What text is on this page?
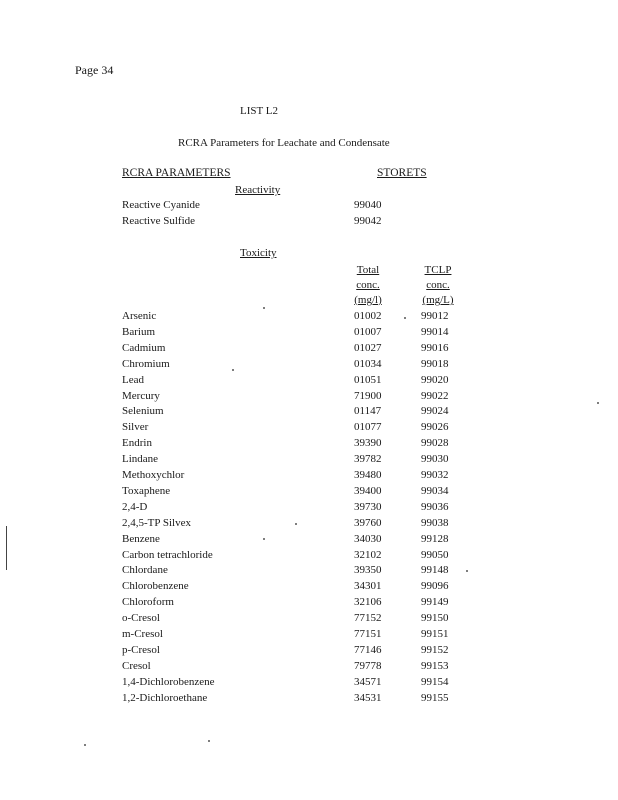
Page 34
LIST L2
RCRA Parameters for Leachate and Condensate
RCRA PARAMETERS	STORETS
Reactivity
Reactive Cyanide	99040
Reactive Sulfide	99042
Toxicity
Total
conc.
(mg/l)
TCLP
conc.
(mg/L)
Arsenic	01002	99012
Barium	01007	99014
Cadmium	01027	99016
Chromium	01034	99018
Lead	01051	99020
Mercury	71900	99022
Selenium	01147	99024
Silver	01077	99026
Endrin	39390	99028
Lindane	39782	99030
Methoxychlor	39480	99032
Toxaphene	39400	99034
2,4-D	39730	99036
2,4,5-TP Silvex	39760	99038
Benzene	34030	99128
Carbon tetrachloride	32102	99050
Chlordane	39350	99148
Chlorobenzene	34301	99096
Chloroform	32106	99149
o-Cresol	77152	99150
m-Cresol	77151	99151
p-Cresol	77146	99152
Cresol	79778	99153
1,4-Dichlorobenzene	34571	99154
1,2-Dichloroethane	34531	99155
